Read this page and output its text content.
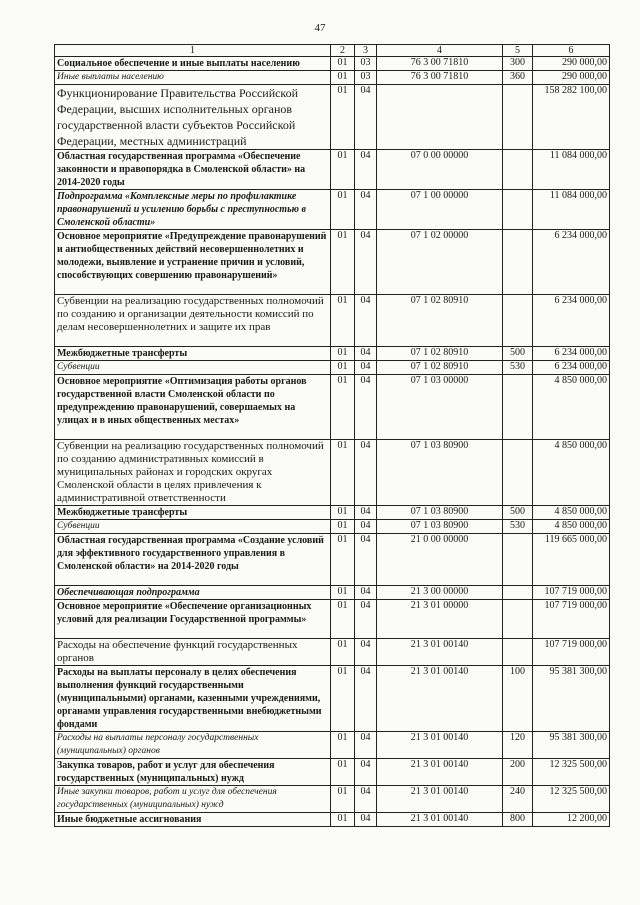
47
1	2	3	4	5	6
Социальное обеспечение и иные выплаты населению	01	03	76 3 00 71810	300	290 000,00
Иные выплаты населению	01	03	76 3 00 71810	360	290 000,00
Функционирование Правительства Российской Федерации, высших исполнительных органов государственной власти субъектов Российской Федерации, местных администраций	01	04			158 282 100,00
Областная государственная программа «Обеспечение законности и правопорядка в Смоленской области» на 2014-2020 годы	01	04	07 0 00 00000		11 084 000,00
Подпрограмма «Комплексные меры по профилактике правонарушений и усилению борьбы с преступностью в Смоленской области»	01	04	07 1 00 00000		11 084 000,00
Основное мероприятие «Предупреждение правонарушений и антиобщественных действий несовершеннолетних и молодежи, выявление и устранение причин и условий, способствующих совершению правонарушений»	01	04	07 1 02 00000		6 234 000,00
Субвенции на реализацию государственных полномочий по созданию и организации деятельности комиссий по делам несовершеннолетних и защите их прав	01	04	07 1 02 80910		6 234 000,00
Межбюджетные трансферты	01	04	07 1 02 80910	500	6 234 000,00
Субвенции	01	04	07 1 02 80910	530	6 234 000,00
Основное мероприятие «Оптимизация работы органов государственной власти Смоленской области по предупреждению правонарушений, совершаемых на улицах и в иных общественных местах»	01	04	07 1 03 00000		4 850 000,00
Субвенции на реализацию государственных полномочий по созданию административных комиссий в муниципальных районах и городских округах Смоленской области в целях привлечения к административной ответственности	01	04	07 1 03 80900		4 850 000,00
Межбюджетные трансферты	01	04	07 1 03 80900	500	4 850 000,00
Субвенции	01	04	07 1 03 80900	530	4 850 000,00
Областная государственная программа «Создание условий для эффективного государственного управления в Смоленской области» на 2014-2020 годы	01	04	21 0 00 00000		119 665 000,00
Обеспечивающая подпрограмма	01	04	21 3 00 00000		107 719 000,00
Основное мероприятие «Обеспечение организационных условий для реализации Государственной программы»	01	04	21 3 01 00000		107 719 000,00
Расходы на обеспечение функций государственных органов	01	04	21 3 01 00140		107 719 000,00
Расходы на выплаты персоналу в целях обеспечения выполнения функций государственными (муниципальными) органами, казенными учреждениями, органами управления государственными внебюджетными фондами	01	04	21 3 01 00140	100	95 381 300,00
Расходы на выплаты персоналу государственных (муниципальных) органов	01	04	21 3 01 00140	120	95 381 300,00
Закупка товаров, работ и услуг для обеспечения государственных (муниципальных) нужд	01	04	21 3 01 00140	200	12 325 500,00
Иные закупки товаров, работ и услуг для обеспечения государственных (муниципальных) нужд	01	04	21 3 01 00140	240	12 325 500,00
Иные бюджетные ассигнования	01	04	21 3 01 00140	800	12 200,00
